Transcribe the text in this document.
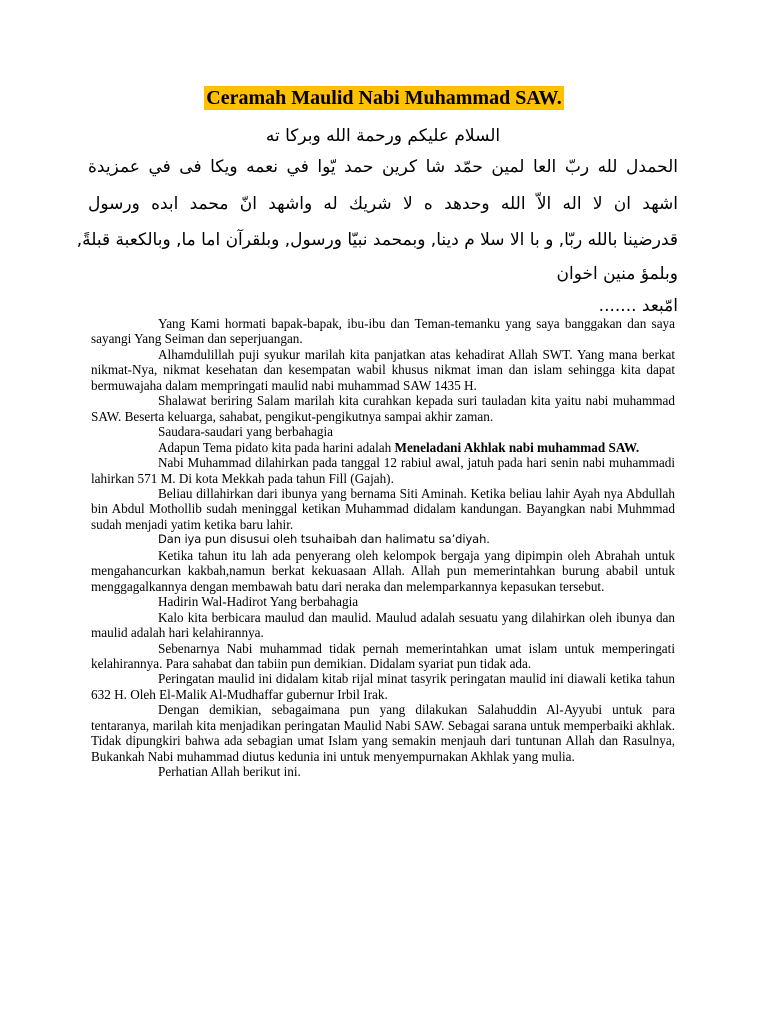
Ceramah Maulid Nabi Muhammad SAW.
السلام عليكم ورحمة الله وبركا ته
الحمدل لله ربّ العا لمين حمّد شا كرين حمد يّوا في نعمه ويكا فى في عمزيدة
اشهد ان لا اله الاّ الله وحدهد ه لا شريك له واشهد انّ محمد ابده ورسول
قدرضينا بالله ربّا, و با الا سلا م دينا, وبمحمد نبيّا ورسول, وبلقرآن اما ما, وبالكعبة قبلةً,
وبلمؤ منين اخوان
امّبعد .......

Yang Kami hormati bapak-bapak, ibu-ibu dan Teman-temanku yang saya banggakan dan saya sayangi Yang Seiman dan seperjuangan.

Alhamdulillah puji syukur marilah kita panjatkan atas kehadirat Allah SWT. Yang mana berkat nikmat-Nya, nikmat kesehatan dan kesempatan wabil khusus nikmat iman dan islam sehingga kita dapat bermuwajaha dalam mempringati maulid nabi muhammad SAW 1435 H.

Shalawat beriring Salam marilah kita curahkan kepada suri tauladan kita yaitu nabi muhammad SAW. Beserta keluarga, sahabat, pengikut-pengikutnya sampai akhir zaman.

Saudara-saudari yang berbahagia

Adapun Tema pidato kita pada harini adalah Meneladani Akhlak nabi muhammad SAW.

Nabi Muhammad dilahirkan pada tanggal 12 rabiul awal, jatuh pada hari senin nabi muhammadi lahirkan 571 M. Di kota Mekkah pada tahun Fill (Gajah).

Beliau dillahirkan dari ibunya yang bernama Siti Aminah. Ketika beliau lahir Ayah nya Abdullah bin Abdul Mothollib sudah meninggal ketikan Muhammad didalam kandungan. Bayangkan nabi Muhmmad sudah menjadi yatim ketika baru lahir.

Dan iya pun disusui oleh tsuhaibah dan halimatu sa’diyah.

Ketika tahun itu lah ada penyerang oleh kelompok bergaja yang dipimpin oleh Abrahah untuk mengahancurkan kakbah,namun berkat kekuasaan Allah. Allah pun memerintahkan burung ababil untuk menggagalkannya dengan membawah batu dari neraka dan melemparkannya kepasukan tersebut.

Hadirin Wal-Hadirot Yang berbahagia

Kalo kita berbicara maulud dan maulid. Maulud adalah sesuatu yang dilahirkan oleh ibunya dan maulid adalah hari kelahirannya.

Sebenarnya Nabi muhammad tidak pernah memerintahkan umat islam untuk memperingati kelahirannya. Para sahabat dan tabiin pun demikian. Didalam syariat pun tidak ada.

Peringatan maulid ini didalam kitab rijal minat tasyrik peringatan maulid ini diawali ketika tahun 632 H. Oleh El-Malik Al-Mudhaffar gubernur Irbil Irak.

Dengan demikian, sebagaimana pun yang dilakukan Salahuddin Al-Ayyubi untuk para tentaranya, marilah kita menjadikan peringatan Maulid Nabi SAW. Sebagai sarana untuk memperbaiki akhlak. Tidak dipungkiri bahwa ada sebagian umat Islam yang semakin menjauh dari tuntunan Allah dan Rasulnya, Bukankah Nabi muhammad diutus kedunia ini untuk menyempurnakan Akhlak yang mulia.

Perhatian Allah berikut ini.
